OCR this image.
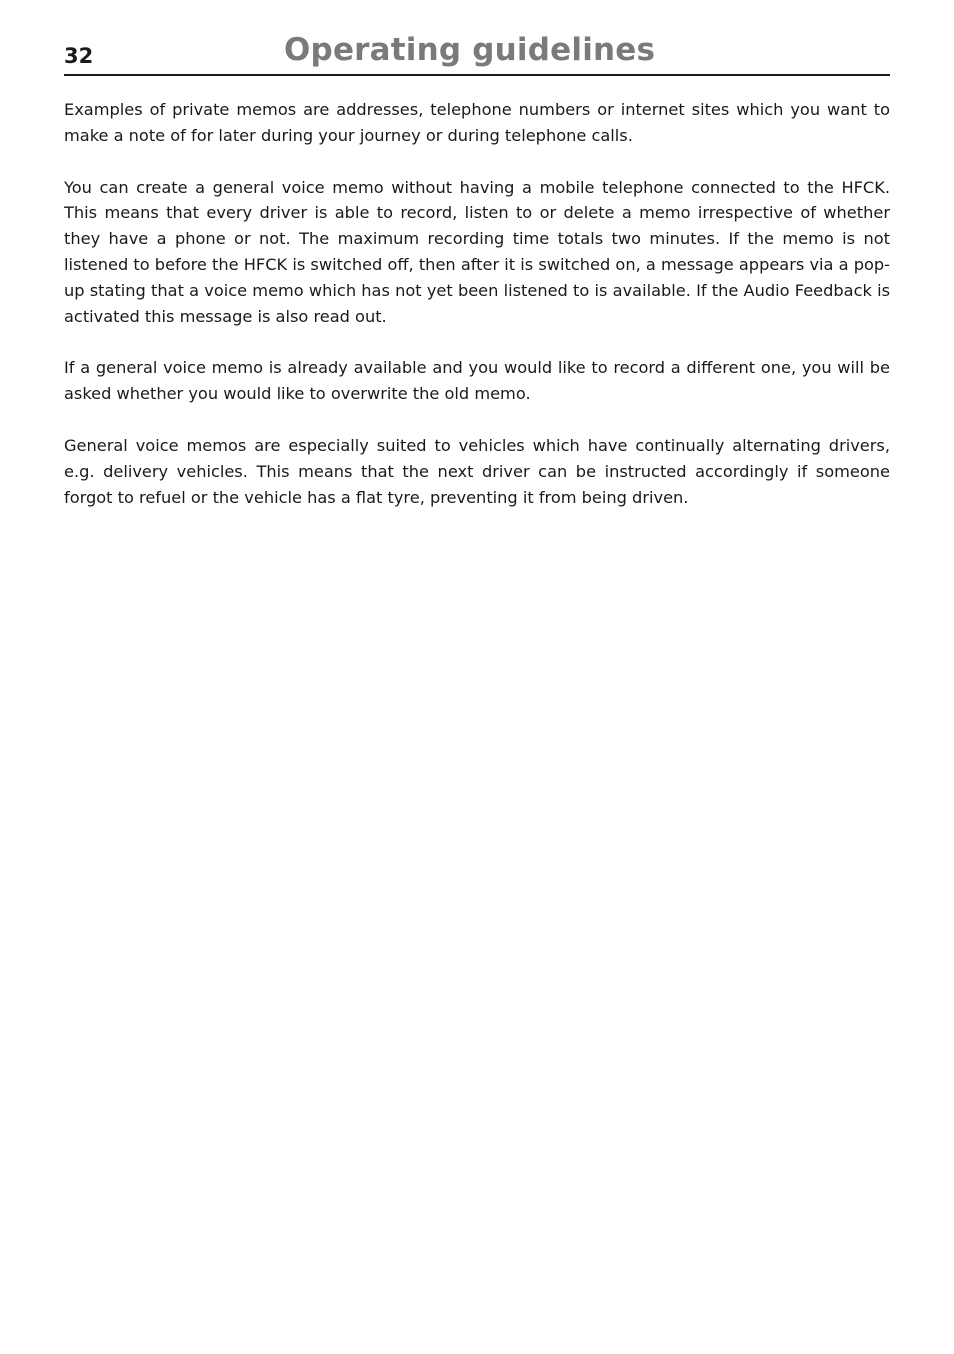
32	Operating guidelines

Examples of private memos are addresses, telephone numbers or internet sites which you want to make a note of for later during your journey or during telephone calls.

You can create a general voice memo without having a mobile telephone connected to the HFCK. This means that every driver is able to record, listen to or delete a memo irrespective of whether they have a phone or not. The maximum recording time totals two minutes. If the memo is not listened to before the HFCK is switched off, then after it is switched on, a message appears via a pop-up stating that a voice memo which has not yet been listened to is available. If the Audio Feedback is activated this message is also read out.

If a general voice memo is already available and you would like to record a different one, you will be asked whether you would like to overwrite the old memo.

General voice memos are especially suited to vehicles which have continually alternating drivers, e.g. delivery vehicles. This means that the next driver can be instructed accordingly if someone forgot to refuel or the vehicle has a flat tyre, preventing it from being driven.
